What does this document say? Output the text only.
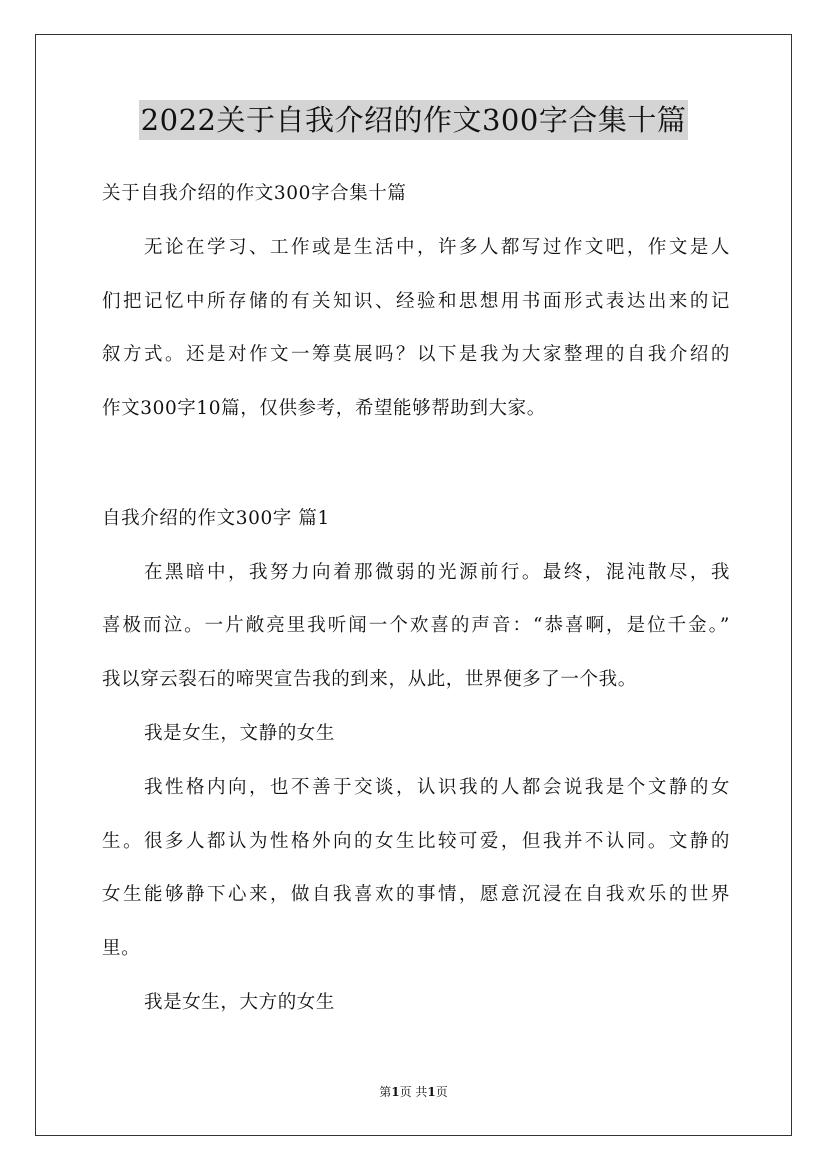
2022关于自我介绍的作文300字合集十篇
关于自我介绍的作文300字合集十篇
无论在学习、工作或是生活中，许多人都写过作文吧，作文是人
们把记忆中所存储的有关知识、经验和思想用书面形式表达出来的记
叙方式。还是对作文一筹莫展吗？以下是我为大家整理的自我介绍的
作文300字10篇，仅供参考，希望能够帮助到大家。
自我介绍的作文300字 篇1
在黑暗中，我努力向着那微弱的光源前行。最终，混沌散尽，我
喜极而泣。一片敞亮里我听闻一个欢喜的声音：“恭喜啊，是位千金。”
我以穿云裂石的啼哭宣告我的到来，从此，世界便多了一个我。
我是女生，文静的女生
我性格内向，也不善于交谈，认识我的人都会说我是个文静的女
生。很多人都认为性格外向的女生比较可爱，但我并不认同。文静的
女生能够静下心来，做自我喜欢的事情，愿意沉浸在自我欢乐的世界
里。
我是女生，大方的女生
第1页 共1页
